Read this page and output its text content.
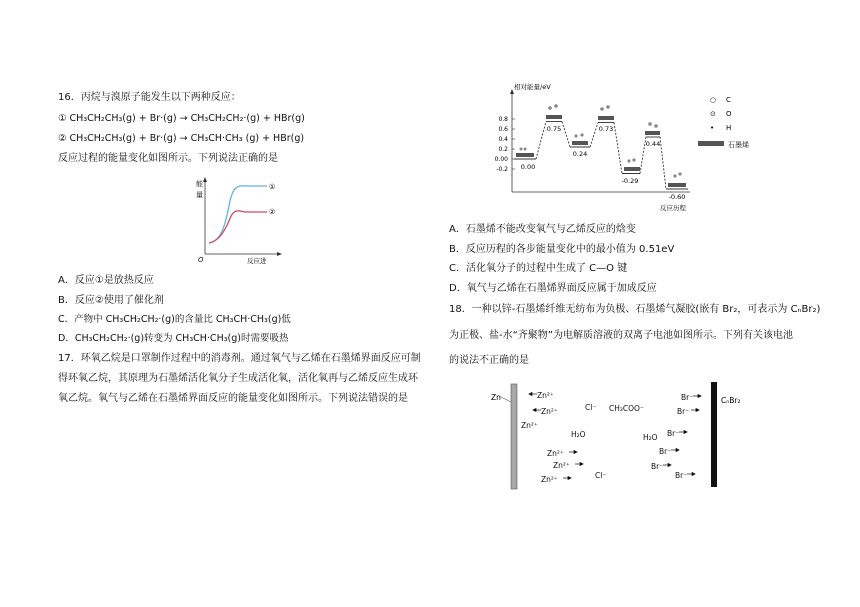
16．丙烷与溴原子能发生以下两种反应：
① CH₃CH₂CH₃(g) + Br·(g) → CH₃CH₂CH₂·(g) + HBr(g)
② CH₃CH₂CH₃(g) + Br·(g) → CH₃CH·CH₃ (g) + HBr(g)
反应过程的能量变化如图所示。下列说法正确的是
能
量
O	反应进
①
②
A．反应①是放热反应
B．反应②使用了催化剂
C．产物中 CH₃CH₂CH₂·(g)的含量比 CH₃CH·CH₃(g)低
D．CH₃CH₂CH₂·(g)转变为 CH₃CH·CH₃(g)时需要吸热
17．环氧乙烷是口罩制作过程中的消毒剂。通过氧气与乙烯在石墨烯界面反应可制
得环氧乙烷，其原理为石墨烯活化氧分子生成活化氧，活化氧再与乙烯反应生成环
氧乙烷。氧气与乙烯在石墨烯界面反应的能量变化如图所示。下列说法错误的是
相对能量/eV
0.8
0.6
0.4
0.2
0.00
-0.2 0.00
0.75
0.24
0.73
-0.29
0.44
-0.60
反应历程
○ C
⊙ O
• H
石墨烯
A．石墨烯不能改变氧气与乙烯反应的焓变
B．反应历程的各步能量变化中的最小值为 0.51eV
C．活化氧分子的过程中生成了 C—O 键
D．氧气与乙烯在石墨烯界面反应属于加成反应
18．一种以锌-石墨烯纤维无纺布为负极、石墨烯气凝胶(嵌有 Br₂，可表示为 CₙBr₂)
为正极、盐-水“齐聚物”为电解质溶液的双离子电池如图所示。下列有关该电池
的说法不正确的是
Zn	CₙBr₂
Zn²⁺
Zn²⁺
Zn²⁺
Zn²⁺
Zn²⁺
Zn²⁺
Cl⁻
Cl⁻
CH₃COO⁻
H₂O	H₂O
Br⁻
Br⁻
Br⁻
Br⁻
Br⁻
Br⁻
